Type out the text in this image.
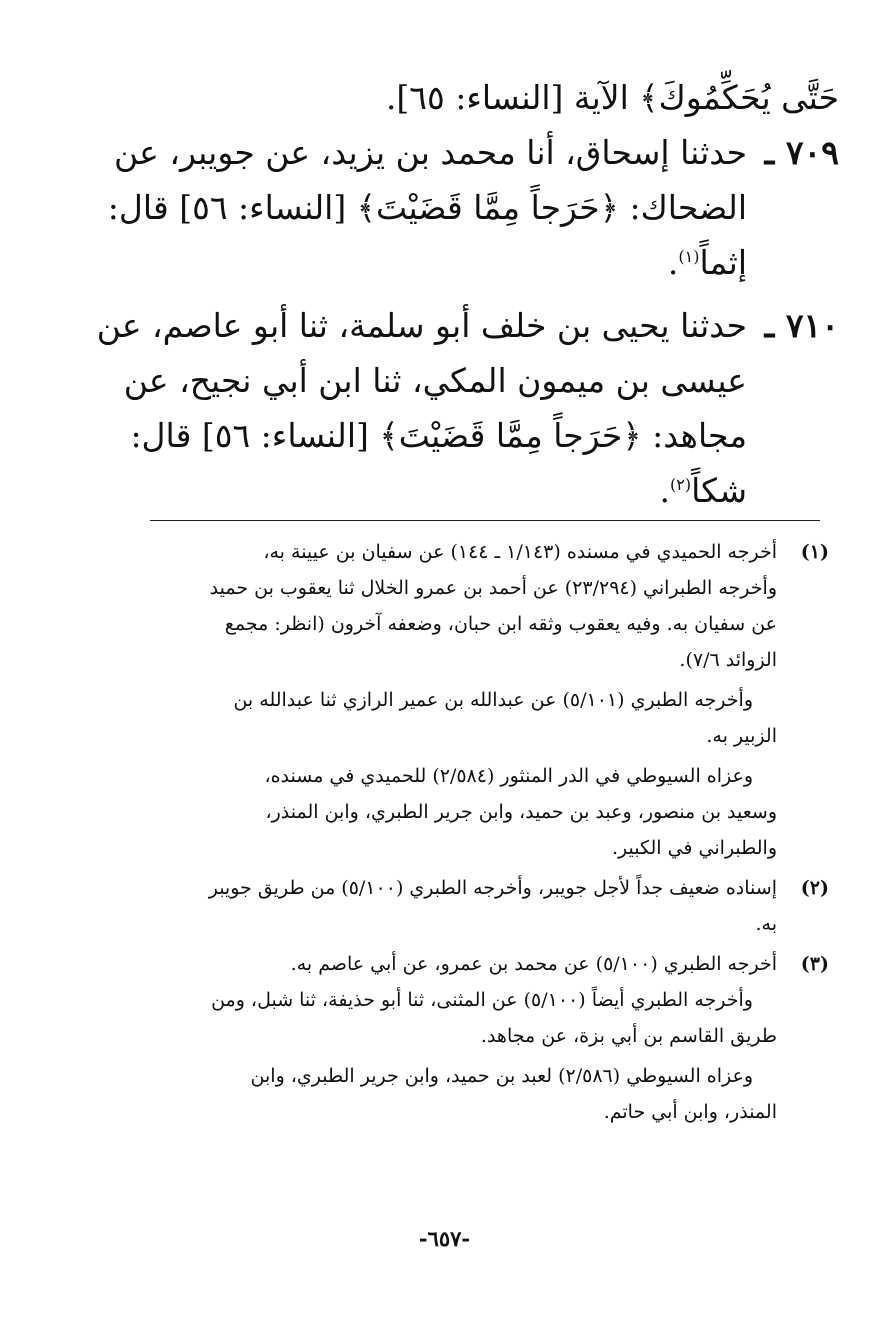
حَتَّى يُحَكِّمُوكَ﴾ الآية [النساء: ٦٥].
٧٠٩ ـحدثنا إسحاق، أنا محمد بن يزيد، عن جويبر، عن
الضحاك: ﴿حَرَجاً مِمَّا قَضَيْتَ﴾ [النساء: ٥٦] قال:
إثماً$^{(١)}$.
٧١٠ ـحدثنا يحيى بن خلف أبو سلمة، ثنا أبو عاصم، عن
عيسى بن ميمون المكي، ثنا ابن أبي نجيح، عن
مجاهد: ﴿حَرَجاً مِمَّا قَضَيْتَ﴾ [النساء: ٥٦] قال:
شكاً$^{(٢)}$.
(١)أخرجه الحميدي في مسنده (١/١٤٣ ـ ١٤٤) عن سفيان بن عيينة به،
وأخرجه الطبراني (٢٣/٢٩٤) عن أحمد بن عمرو الخلال ثنا يعقوب بن حميد
عن سفيان به. وفيه يعقوب وثقه ابن حبان، وضعفه آخرون (انظر: مجمع
الزوائد ٧/٦).
وأخرجه الطبري (٥/١٠١) عن عبدالله بن عمير الرازي ثنا عبدالله بن
الزبير به.
وعزاه السيوطي في الدر المنثور (٢/٥٨٤) للحميدي في مسنده،
وسعيد بن منصور، وعبد بن حميد، وابن جرير الطبري، وابن المنذر،
والطبراني في الكبير.
(٢)إسناده ضعيف جداً لأجل جويبر، وأخرجه الطبري (٥/١٠٠) من طريق جويبر
به.
(٣)أخرجه الطبري (٥/١٠٠) عن محمد بن عمرو، عن أبي عاصم به.
وأخرجه الطبري أيضاً (٥/١٠٠) عن المثنى، ثنا أبو حذيفة، ثنا شبل، ومن
طريق القاسم بن أبي بزة، عن مجاهد.
وعزاه السيوطي (٢/٥٨٦) لعبد بن حميد، وابن جرير الطبري، وابن
المنذر، وابن أبي حاتم.
-٦٥٧-
